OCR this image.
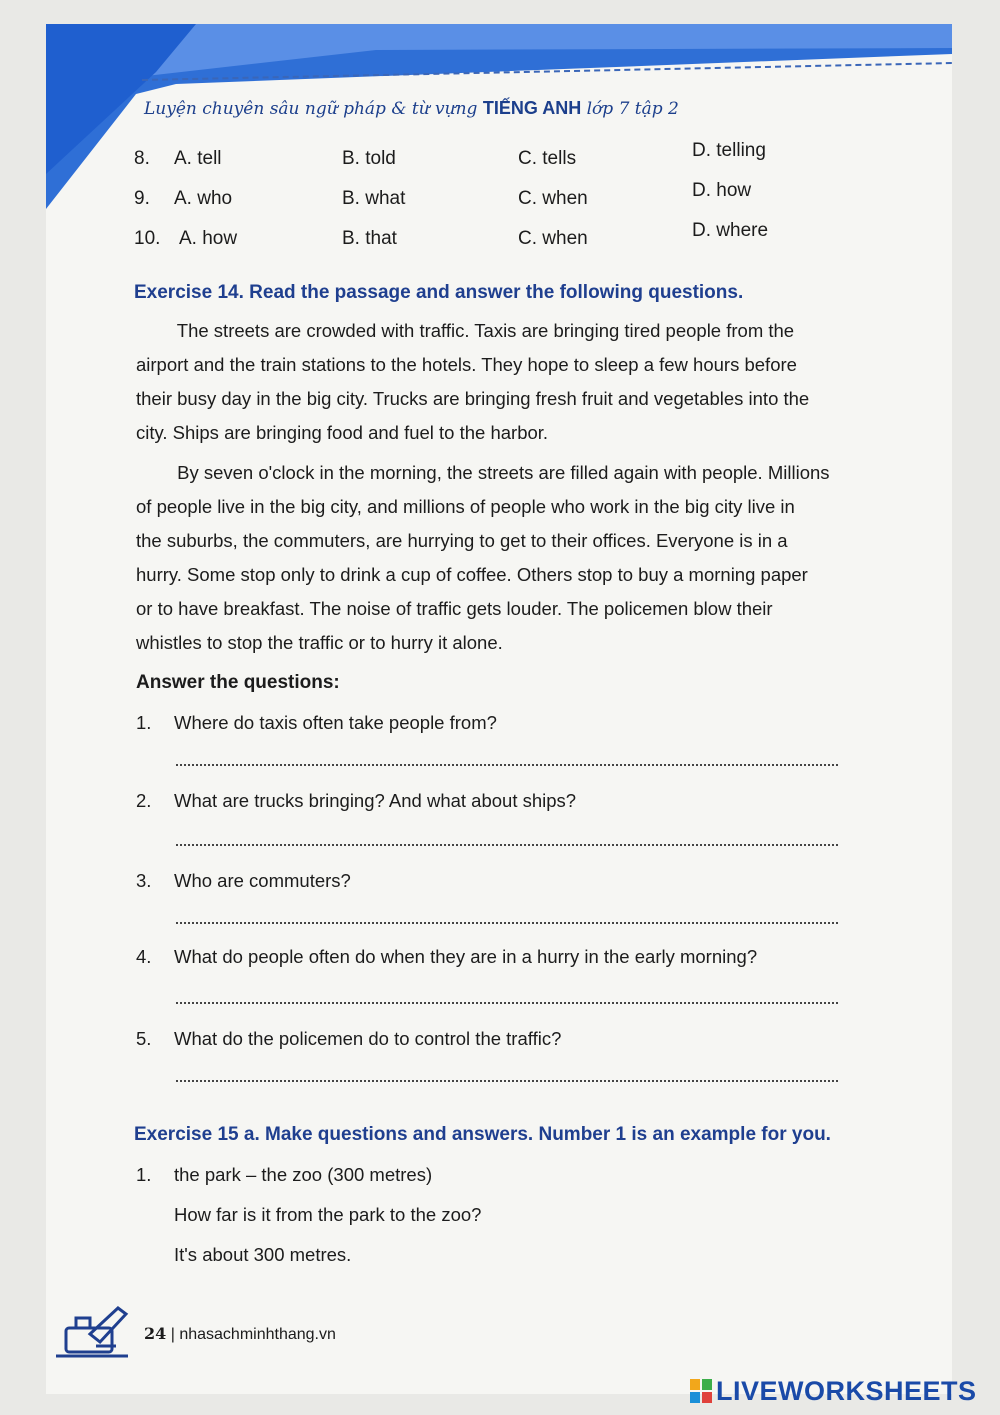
Luyện chuyên sâu ngữ pháp & từ vựng TIẾNG ANH lớp 7 tập 2
8. A. tell	B. told	C. tells	D. telling
9. A. who	B. what	C. when	D. how
10. A. how	B. that	C. when	D. where
Exercise 14. Read the passage and answer the following questions.
The streets are crowded with traffic. Taxis are bringing tired people from the
airport and the train stations to the hotels. They hope to sleep a few hours before
their busy day in the big city. Trucks are bringing fresh fruit and vegetables into the
city. Ships are bringing food and fuel to the harbor.
By seven o'clock in the morning, the streets are filled again with people. Millions
of people live in the big city, and millions of people who work in the big city live in
the suburbs, the commuters, are hurrying to get to their offices. Everyone is in a
hurry. Some stop only to drink a cup of coffee. Others stop to buy a morning paper
or to have breakfast. The noise of traffic gets louder. The policemen blow their
whistles to stop the traffic or to hurry it alone.
Answer the questions:
1. Where do taxis often take people from?
2. What are trucks bringing? And what about ships?
3. Who are commuters?
4. What do people often do when they are in a hurry in the early morning?
5. What do the policemen do to control the traffic?
Exercise 15 a. Make questions and answers. Number 1 is an example for you.
1. the park – the zoo (300 metres)
How far is it from the park to the zoo?
It's about 300 metres.
24 | nhasachminhthang.vn
LIVEWORKSHEETS
